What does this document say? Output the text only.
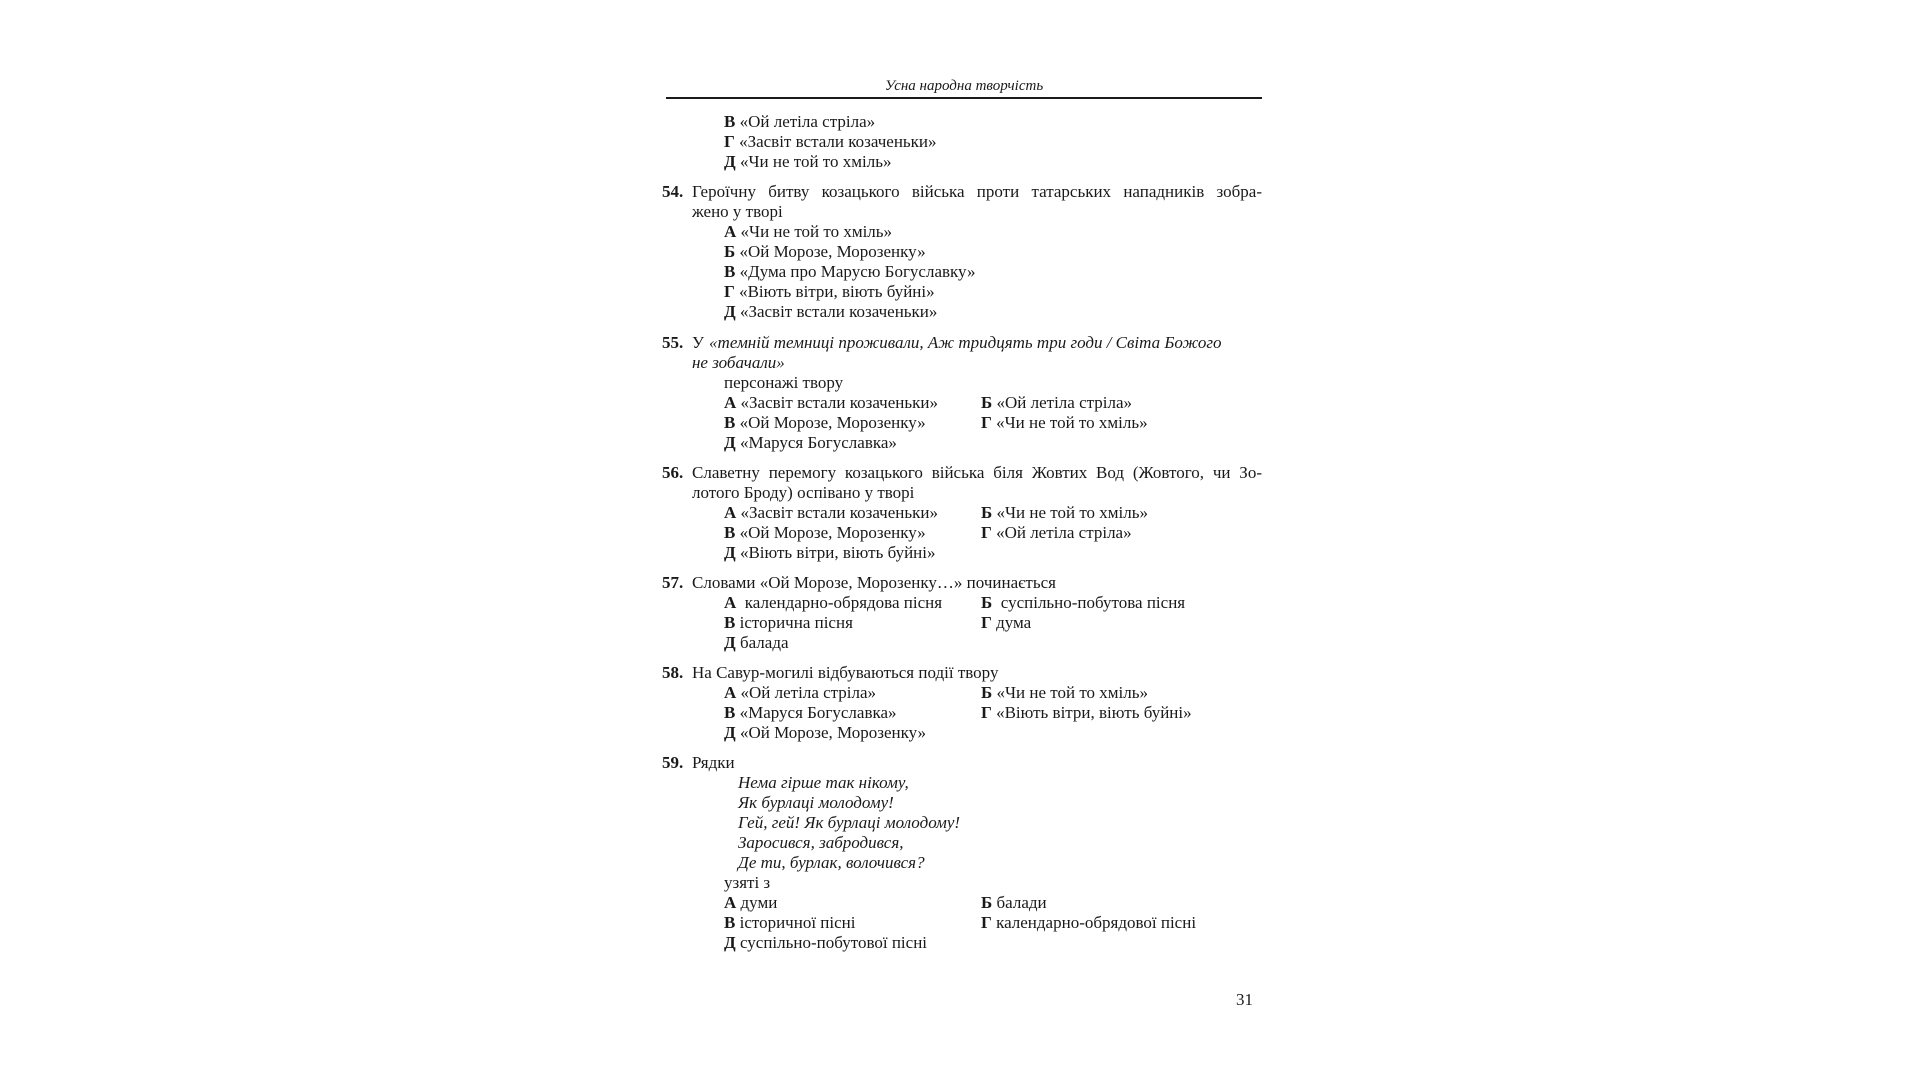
Усна народна творчість
В «Ой летіла стріла»
Г «Засвіт встали козаченьки»
Д «Чи не той то хміль»
54. Героїчну битву козацького війська проти татарських нападників зобра-
жено у творі
А «Чи не той то хміль»
Б «Ой Морозе, Морозенку»
В «Дума про Марусю Богуславку»
Г «Віють вітри, віють буйні»
Д «Засвіт встали козаченьки»
55. У «темній темниці проживали, Аж тридцять три годи / Світа Божого
не зобачали»
персонажі твору
А «Засвіт встали козаченьки»	Б «Ой летіла стріла»
В «Ой Морозе, Морозенку»	Г «Чи не той то хміль»
Д «Маруся Богуславка»
56. Славетну перемогу козацького війська біля Жовтих Вод (Жовтого, чи Зо-
лотого Броду) оспівано у творі
А «Засвіт встали козаченьки»	Б «Чи не той то хміль»
В «Ой Морозе, Морозенку»	Г «Ой летіла стріла»
Д «Віють вітри, віють буйні»
57. Словами «Ой Морозе, Морозенку…» починається
А  календарно-обрядова пісня Б  суспільно-побутова пісня
В історична пісня	Г дума
Д балада
58. На Савур-могилі відбуваються події твору
А «Ой летіла стріла»	Б «Чи не той то хміль»
В «Маруся Богуславка»	Г «Віють вітри, віють буйні»
Д «Ой Морозе, Морозенку»
59. Рядки
Нема гірше так нікому,
Як бурлаці молодому!
Гей, гей! Як бурлаці молодому!
Заросився, забродився,
Де ти, бурлак, волочився?
узяті з
А думи	Б балади
В історичної пісні	Г календарно-обрядової пісні
Д суспільно-побутової пісні
31
